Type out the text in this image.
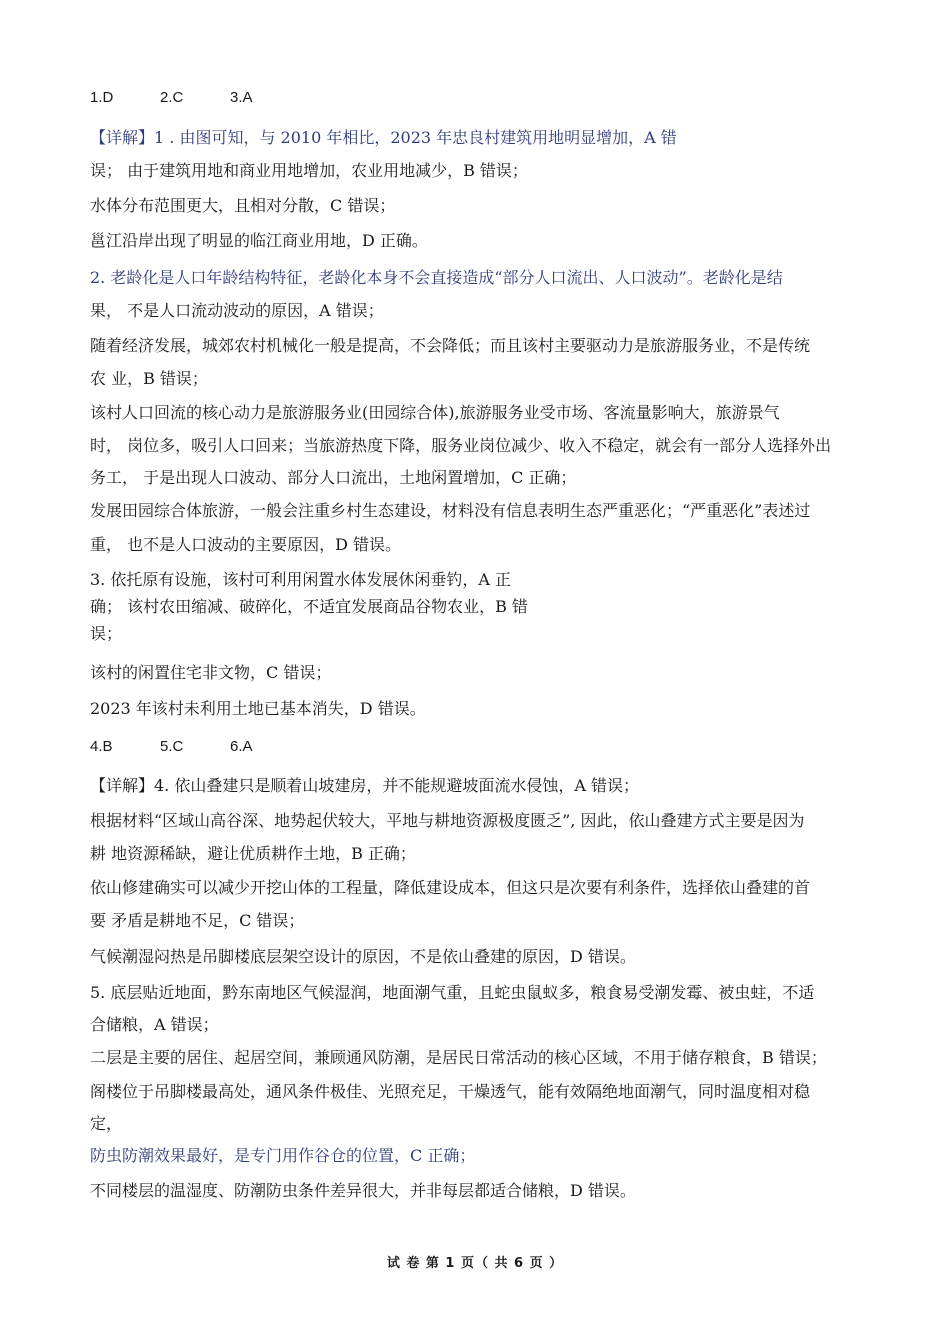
1.D	2.C	3.A
【详解】1 . 由图可知，与 2010 年相比，2023 年忠良村建筑用地明显增加，A 错
误； 由于建筑用地和商业用地增加，农业用地减少，B 错误；
水体分布范围更大，且相对分散，C 错误；
邕江沿岸出现了明显的临江商业用地，D 正确。
2. 老龄化是人口年龄结构特征，老龄化本身不会直接造成“部分人口流出、人口波动”。老龄化是结
果， 不是人口流动波动的原因，A 错误；
随着经济发展，城郊农村机械化一般是提高，不会降低；而且该村主要驱动力是旅游服务业，不是传统
农 业，B 错误；
该村人口回流的核心动力是旅游服务业(田园综合体),旅游服务业受市场、客流量影响大，旅游景气
时， 岗位多，吸引人口回来；当旅游热度下降，服务业岗位减少、收入不稳定，就会有一部分人选择外出
务工， 于是出现人口波动、部分人口流出，土地闲置增加，C 正确；
发展田园综合体旅游，一般会注重乡村生态建设，材料没有信息表明生态严重恶化；“严重恶化”表述过
重， 也不是人口波动的主要原因，D 错误。
3. 依托原有设施，该村可利用闲置水体发展休闲垂钓，A 正
确； 该村农田缩减、破碎化，不适宜发展商品谷物农业，B 错
误；
该村的闲置住宅非文物，C 错误；
2023 年该村未利用土地已基本消失，D 错误。
4.B	5.C	6.A
【详解】4. 依山叠建只是顺着山坡建房，并不能规避坡面流水侵蚀，A 错误；
根据材料“区域山高谷深、地势起伏较大，平地与耕地资源极度匮乏”, 因此，依山叠建方式主要是因为
耕 地资源稀缺，避让优质耕作土地，B 正确；
依山修建确实可以减少开挖山体的工程量，降低建设成本，但这只是次要有利条件，选择依山叠建的首
要 矛盾是耕地不足，C 错误；
气候潮湿闷热是吊脚楼底层架空设计的原因，不是依山叠建的原因，D 错误。
5. 底层贴近地面，黔东南地区气候湿润，地面潮气重，且蛇虫鼠蚁多，粮食易受潮发霉、被虫蛀，不适
合储粮，A 错误；
二层是主要的居住、起居空间，兼顾通风防潮，是居民日常活动的核心区域，不用于储存粮食，B 错误；
阁楼位于吊脚楼最高处，通风条件极佳、光照充足，干燥透气，能有效隔绝地面潮气，同时温度相对稳
定，
防虫防潮效果最好，是专门用作谷仓的位置，C 正确；
不同楼层的温湿度、防潮防虫条件差异很大，并非每层都适合储粮，D 错误。
试 卷 第 1 页（ 共 6 页 ）
